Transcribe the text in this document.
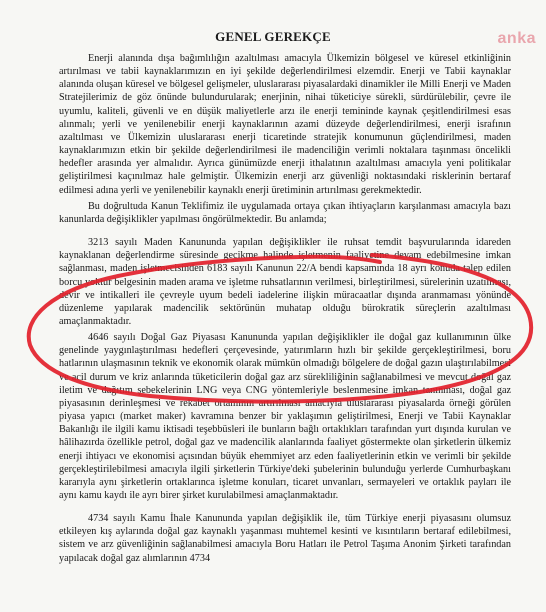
anka
GENEL GEREKÇE

Enerji alanında dışa bağımlılığın azaltılması amacıyla Ülkemizin bölgesel ve küresel etkinliğinin artırılması ve tabii kaynaklarımızın en iyi şekilde değerlendirilmesi elzemdir. Enerji ve Tabii kaynaklar alanında oluşan küresel ve bölgesel gelişmeler, uluslararası piyasalardaki dinamikler ile Milli Enerji ve Maden Stratejilerimiz de göz önünde bulundurularak; enerjinin, nihai tüketiciye sürekli, sürdürülebilir, çevre ile uyumlu, kaliteli, güvenli ve en düşük maliyetlerle arzı ile enerji temininde kaynak çeşitlendirilmesi esas alınmalı; yerli ve yenilenebilir enerji kaynaklarının azami düzeyde değerlendirilmesi, enerji israfının azaltılması ve Ülkemizin uluslararası enerji ticaretinde stratejik konumunun güçlendirilmesi, maden kaynaklarımızın etkin bir şekilde değerlendirilmesi ile madenciliğin verimli noktalara taşınması öncelikli hedefler arasında yer almalıdır. Ayrıca günümüzde enerji ithalatının azaltılması amacıyla yeni politikalar geliştirilmesi kaçınılmaz hale gelmiştir. Ülkemizin enerji arz güvenliği noktasındaki risklerinin bertaraf edilmesi adına yerli ve yenilenebilir kaynaklı enerji üretiminin artırılması gerekmektedir.

Bu doğrultuda Kanun Teklifimiz ile uygulamada ortaya çıkan ihtiyaçların karşılanması amacıyla bazı kanunlarda değişiklikler yapılması öngörülmektedir. Bu anlamda;

3213 sayılı Maden Kanununda yapılan değişiklikler ile ruhsat temdit başvurularında idareden kaynaklanan değerlendirme süresinde gecikme halinde işletmenin faaliyetine devam edebilmesine imkan sağlanması, maden işletmecisinden 6183 sayılı Kanunun 22/A bendi kapsamında 18 ayrı konuda talep edilen borcu yoktur belgesinin maden arama ve işletme ruhsatlarının verilmesi, birleştirilmesi, sürelerinin uzatılması, devir ve intikalleri ile çevreyle uyum bedeli iadelerine ilişkin müracaatlar dışında aranmaması yönünde düzenleme yapılarak madencilik sektörünün muhatap olduğu bürokratik süreçlerin azaltılması amaçlanmaktadır.

4646 sayılı Doğal Gaz Piyasası Kanununda yapılan değişiklikler ile doğal gaz kullanımının ülke genelinde yaygınlaştırılması hedefleri çerçevesinde, yatırımların hızlı bir şekilde gerçekleştirilmesi, boru hatlarının ulaşmasının teknik ve ekonomik olarak mümkün olmadığı bölgelere de doğal gazın ulaştırılabilmesi ve acil durum ve kriz anlarında tüketicilerin doğal gaz arz sürekliliğinin sağlanabilmesi ve mevcut doğal gaz iletim ve dağıtım şebekelerinin LNG veya CNG yöntemleriyle beslenmesine imkan tanınması, doğal gaz piyasasının derinleşmesi ve rekabet ortamının artırılması amacıyla uluslararası piyasalarda örneği görülen piyasa yapıcı (market maker) kavramına benzer bir yaklaşımın geliştirilmesi, Enerji ve Tabii Kaynaklar Bakanlığı ile ilgili kamu iktisadi teşebbüsleri ile bunların bağlı ortaklıkları tarafından yurt dışında kurulan ve hâlihazırda özellikle petrol, doğal gaz ve madencilik alanlarında faaliyet göstermekte olan şirketlerin ülkemiz enerji ihtiyacı ve ekonomisi açısından büyük ehemmiyet arz eden faaliyetlerinin etkin ve verimli bir şekilde gerçekleştirilebilmesi amacıyla ilgili şirketlerin Türkiye'deki şubelerinin bulunduğu yerlerde Cumhurbaşkanı kararıyla aynı şirketlerin ortaklarınca işletme konuları, ticaret unvanları, sermayeleri ve ortaklık payları ile aynı kamu kaydı ile ayrı birer şirket kurulabilmesi amaçlanmaktadır.

4734 sayılı Kamu İhale Kanununda yapılan değişiklik ile, tüm Türkiye enerji piyasasını olumsuz etkileyen kış aylarında doğal gaz kaynaklı yaşanması muhtemel kesinti ve kısıntıların bertaraf edilebilmesi, sistem ve arz güvenliğinin sağlanabilmesi amacıyla Boru Hatları ile Petrol Taşıma Anonim Şirketi tarafından yapılacak doğal gaz alımlarının 4734
